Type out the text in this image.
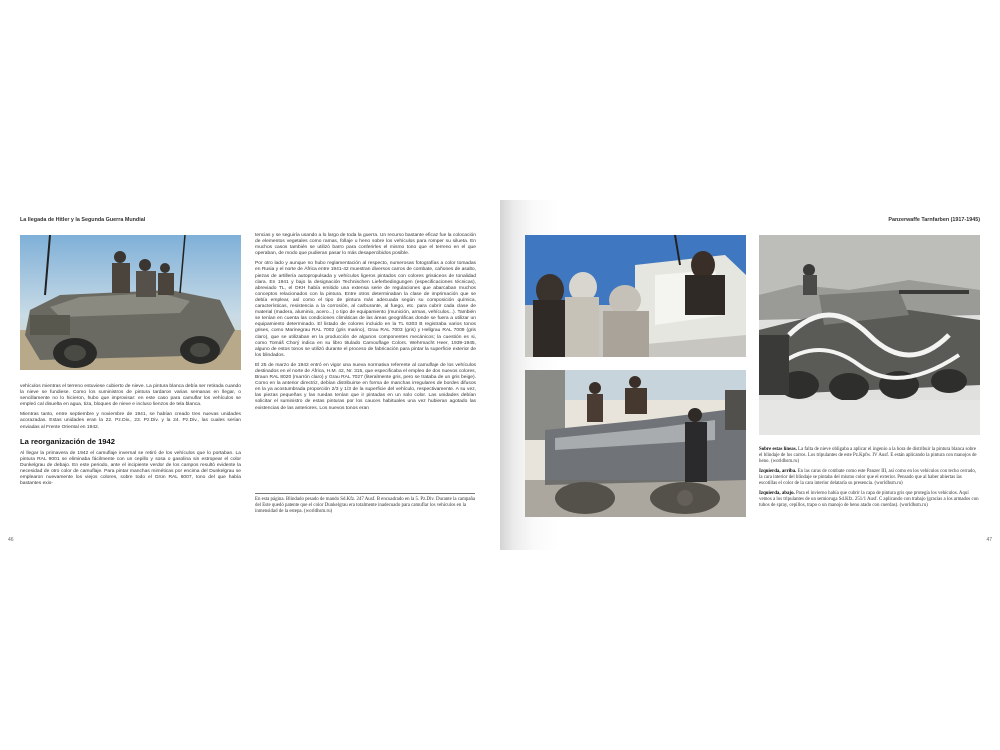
La llegada de Hitler y la Segunda Guerra Mundial

vehículos mientras el terreno estuviese cubierto de nieve. La pintura blanca debía ser retirada cuando la nieve se fundiese. Como los suministros de pintura tardaron varias semanas en llegar, o sencillamente no lo hicieron, hubo que improvisar: en este caso para camuflar los vehículos se empleó cal disuelta en agua, tiza, bloques de nieve e incluso lienzos de tela blanca.

Mientras tanto, entre septiembre y noviembre de 1941, se habían creado tres nuevas unidades acorazadas. Estas unidades eran la 22. Pz.Div., 23. Pz.Div. y la 24. Pz.Div., las cuales serían enviadas al Frente Oriental en 1942.

La reorganización de 1942

Al llegar la primavera de 1942 el camuflaje invernal se retiró de los vehículos que lo portaban. La pintura RAL 9001 se eliminaba fácilmente con un cepillo y sosa o gasolina sin estropear el color Dunkelgrau de debajo. En este periodo, ante el incipiente verdor de los campos resultó evidente la necesidad de otro color de camuflaje. Para pintar manchas miméticas por encima del Dunkelgrau se emplearon nuevamente los viejos colores, sobre todo el Grün RAL 6007, tono del que había bastantes exis-

tencias y se seguiría usando a lo largo de toda la guerra. Un recurso bastante eficaz fue la colocación de elementos vegetales como ramas, follaje u heno sobre los vehículos para romper su silueta. En muchos casos también se utilizó barro para conferirles el mismo tono que el terreno en el que operaban, de modo que pudieran pasar lo más desapercibidos posible.

Por otro lado y aunque no hubo reglamentación al respecto, numerosas fotografías a color tomadas en Rusia y el norte de África entre 1941-42 muestran diversos carros de combate, cañones de asalto, piezas de artillería autopropulsada y vehículos ligeros pintados con colores grisáceos de tonalidad clara. En 1941 y bajo la designación Technischen Lieferbedingungen (especificaciones técnicas), abreviado TL, el OKH había emitido una extensa serie de regulaciones que abarcaban muchos conceptos relacionados con la pintura. Entre otros determinaban la clase de imprimación que se debía emplear, así como el tipo de pintura más adecuada según su composición química, características, resistencia a la corrosión, al carburante, al fuego, etc. para cubrir cada clase de material (madera, aluminio, acero...) o tipo de equipamiento (munición, armas, vehículos...). También se tenían en cuenta las condiciones climáticas de las áreas geográficas donde se fuera a utilizar un equipamiento determinado. El listado de colores incluido en la TL 6303 B registraba varios tonos grises, como Marinegrau RAL 7002 (gris marino), Grau RAL 7003 (gris) y Hellgrau RAL 7009 (gris claro), que se utilizaban en la producción de algunos componentes mecánicos; la cuestión es si, como Tomáš Chorý indica en su libro titulado Camouflage Colors. Wehrmacht Heer, 1939-1945, alguno de estos tonos se utilizó durante el proceso de fabricación para pintar la superficie exterior de los blindados.

El 25 de marzo de 1942 entró en vigor una nueva normativa referente al camuflaje de los vehículos destinados en el norte de África, H.M. 42, Nr. 315, que especificaba el empleo de dos nuevos colores, Braun RAL 8020 (marrón claro) y Grau RAL 7027 (literalmente gris, pero se trataba de un gris beige). Como en la anterior directriz, debían distribuirse en forma de manchas irregulares de bordes difusos en la ya acostumbrada proporción 2/3 y 1/3 de la superficie del vehículo, respectivamente. A su vez, las piezas pequeñas y las ruedas tenían que ir pintadas en un solo color. Las unidades debían solicitar el suministro de estas pinturas por los cauces habituales una vez hubieran agotado las existencias de las anteriores. Los nuevos tonos eran

En esta página. Blindado pesado de mando Sd.Kfz. 247 Ausf. B encuadrado en la 5. Pz.Div. Durante la campaña del Este quedó patente que el color Dunkelgrau era totalmente inadecuado para camuflar los vehículos en la inmensidad de la estepa. (worldhsm.ru)
46
Panzerwaffe Tarnfarben (1917-1945)

Sobre estas líneas. La falta de nieve obligaba a aplicar el ingenio a la hora de distribuir la pintura blanca sobre el blindaje de los carros. Los tripulantes de este Pz.Kpfw. IV Ausf. E están aplicando la pintura con manojos de heno. (worldhsm.ru)

Izquierda, arriba. En las caras de combate como este Panzer III, así como en los vehículos con techo cerrado, la cara interior del blindaje se pintaba del mismo color que el exterior. Pensado que al haber abiertas las escotillas el color de la cara interior delataría su presencia. (worldhsm.ru)

Izquierda, abajo. Para el invierno había que cubrir la capa de pintura gris que protegía los vehículos. Aquí vemos a los tripulantes de un semioruga Sd.Kfz. 251/1 Ausf. C aplicando con trabajo (gracias a los armados con tubos de spray, cepillos, trapo o un manojo de heno atado con cuerdas). (worldhsm.ru)

47
